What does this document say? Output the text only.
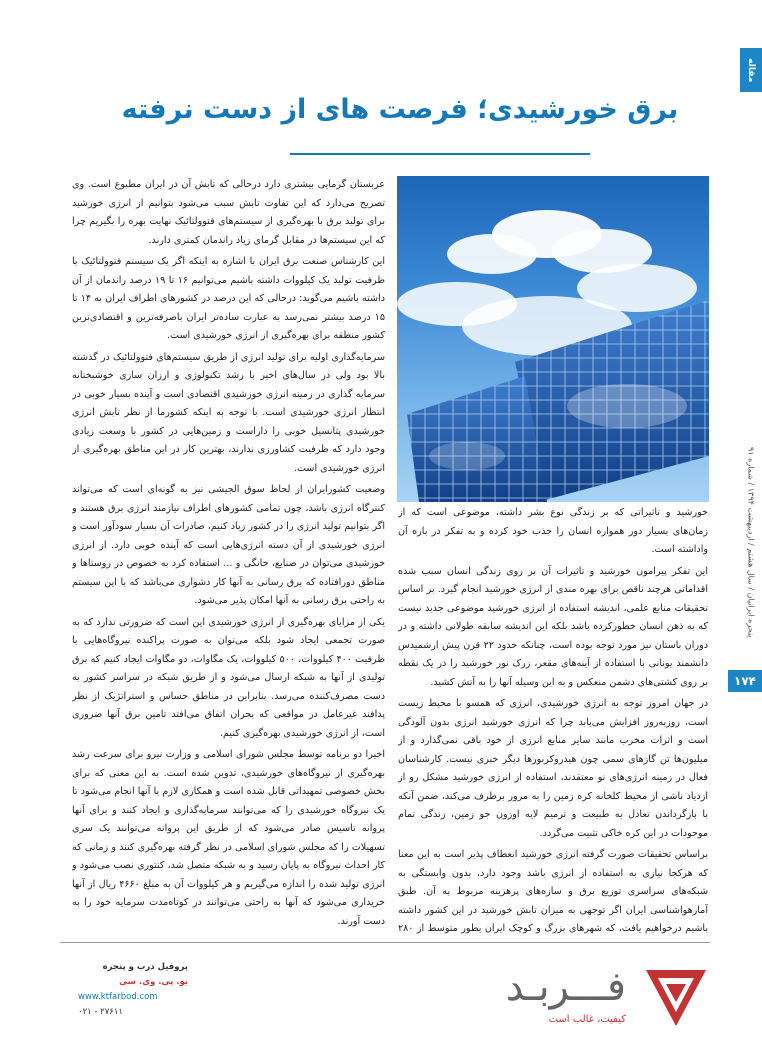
مقاله
پنجره ایرانیان / سال هشتم / اردیبهشت ۱۳۹۴ / شماره ۹۱
۱۷۴
برق خورشیدی؛ فرصت های از دست نرفته

عربستان گرمایی بیشتری دارد درحالی که تابش آن در ایران مطبوع است. وی تصریح می‌دارد که این تفاوت تابش سبب می‌شود بتوانیم از انرژی خورشید برای تولید برق با بهره‌گیری از سیستم‌های فتوولتائیک نهایت بهره را بگیریم چرا که این سیستم‌ها در مقابل گرمای زیاد راندمان کمتری دارند.

این کارشناس صنعت برق ایران با اشاره به اینکه اگر یک سیستم فتوولتائیک با ظرفیت تولید یک کیلووات داشته باشیم می‌توانیم ۱۶ تا ۱۹ درصد راندمان از آن داشته باشیم می‌گوید: درحالی که این درصد در کشورهای اطراف ایران به ۱۴ تا ۱۵ درصد بیشتر نمی‌رسد به عبارت ساده‌تر ایران باصرفه‌ترین و اقتصادی‌ترین کشور منطقه برای بهره‌گیری از انرژی خورشیدی است.

سرمایه‌گذاری اولیه برای تولید انرژی از طریق سیستم‌های فتوولتائیک در گذشته بالا بود ولی در سال‌های اخیر با رشد تکنولوژی و ارزان سازی خوشبختانه سرمایه گذاری در زمینه انرژی خورشیدی اقتصادی است و آینده بسیار خوبی در انتظار انرژی خورشیدی است. با توجه به اینکه کشورما از نظر تابش انرژی خورشیدی پتانسیل خوبی را داراست و زمین‌هایی در کشور با وسعت زیادی وجود دارد که ظرفیت کشاورزی ندارند، بهترین کار در این مناطق بهره‌گیری از انرژی خورشیدی است.

وضعیت کشورایران از لحاظ سوق الجیشی نیز به گونه‌ای است که می‌تواند کنترگاه انرژی باشد، چون تمامی کشورهای اطراف نیازمند انرژی برق هستند و اگر بتوانیم تولید انرژی را در کشور زیاد کنیم، صادرات آن بسیار سودآور است و انرژی خورشیدی از آن دسته انرژی‌هایی است که آینده خوبی دارد. از انرژی خورشیدی می‌توان در صنایع، خانگی و ... استفاده کرد به خصوص در روستاها و مناطق دورافتاده که برق رسانی به آنها کار دشواری می‌باشد که با این سیستم به راحتی برق رسانی به آنها امکان پذیر می‌شود.

یکی از مزایای بهره‌گیری از انرژی خورشیدی این است که ضرورتی ندارد که به صورت تجمعی ایجاد شود بلکه می‌توان به صورت پراکنده نیروگاه‌هایی با ظرفیت ۴۰۰ کیلووات، ۵۰۰ کیلووات، یک مگاوات، دو مگاوات ایجاد کنیم که برق تولیدی از آنها به شبکه ارسال می‌شود و از طریق شبکه در سراسر کشور به دست مصرف‌کننده می‌رسد. بنابراین در مناطق حساس و استراتژیک از نظر پدافند غیرعامل در مواقعی که بحران اتفاق می‌افتد تامین برق آنها ضروری است، از انرژی خورشیدی بهره‌گیری کنیم.

اخیرا دو برنامه توسط مجلس شورای اسلامی و وزارت نیرو برای سرعت رشد بهره‌گیری از نیروگاه‌های خورشیدی، تدوین شده است. به این معنی که برای بخش خصوصی تمهیداتی قابل شده است و همکاری لازم با آنها انجام می‌شود تا یک نیروگاه خورشیدی را که می‌توانند سرمایه‌گذاری و ایجاد کنند و برای آنها پروانه تاسیس صادر می‌شود که از طریق این پروانه می‌توانند یک سری تسهیلات را که مجلس شورای اسلامی در نظر گرفته بهره‌گیری کنند و زمانی که کار احداث نیروگاه به پایان رسید و به شبکه متصل شد، کنتوری نصب می‌شود و انرژی تولید شده را اندازه می‌گیریم و هر کیلووات آن به مبلغ ۴۶۶۰ ریال از آنها خریداری می‌شود که آنها به راحتی می‌توانند در کوتاه‌مدت سرمایه خود را به دست آورند.

خورشید و تاثیراتی که بر زندگی نوع بشر داشته، موضوعی است که از زمان‌های بسیار دور همواره انسان را جذب خود کرده و به تفکر در باره آن واداشته است.

این تفکر پیرامون خورشید و تاثیرات آن بر روی زندگی انسان سبب شده اقداماتی هرچند ناقص برای بهره مندی از انرژی خورشید انجام گیرد. بر اساس تحقیقات منابع علمی، اندیشه استفاده از انرژی خورشید موضوعی جدید نیست که به ذهن انسان خطورکرده باشد بلکه این اندیشه سابقه طولانی داشته و در دوران باستان نیز مورد توجه بوده است، چنانکه حدود ۲۲ قرن پیش ارشمیدس دانشمند یونانی با استفاده از آینه‌های مقعر، زرک نور خورشید را در یک نقطه بر روی کشتی‌های دشمن منعکس و به این وسیله آنها را به آتش کشید.

در جهان امروز توجه به انرژی خورشیدی، انرژی که همسو با محیط زیست است، روزبه‌روز افزایش می‌یابد چرا که انرژی خورشید انرژی بدون آلودگی است و اثرات مخرب مانند سایر منابع انرژی از خود باقی نمی‌گذارد و از میلیون‌ها تن گازهای سمی چون هیدروکربورها دیگر خبری نیست. کارشناسان فعال در زمینه انرژی‌های نو معتقدند، استفاده از انرژی خورشید مشکل رو از ازدیاد ناشی از محیط کلخانه کره زمین را به مرور برطرف می‌کند، ضمن آنکه با بازگرداندن تعادل به طبیعت و ترمیم لایه اوزون جو زمین، زندگی تمام موجودات در این کره خاکی تثبیت می‌گردد.

براساس تحقیقات صورت گرفته انرژی خورشید انعطاف پذیر است به این معنا که هرکجا نیازی به استفاده از انرژی باشد وجود دارد، بدون وابستگی به شبکه‌های سراسری توزیع برق و سازه‌های پرهزینه مربوط به آن. طبق آمارهواشناسی ایران اگر توجهی به میزان تابش خورشید در این کشور داشته باشیم درخواهیم یافت، که شهرهای بزرگ و کوچک ایران بطور متوسط از ۲۸۰

فـــربـد
کیفیت، غالب است
پروفیل درب و پنجره
یو. پی. وی. سی
www.ktfarbod.com
۰۲۱ - ۲۷۶۱۱
